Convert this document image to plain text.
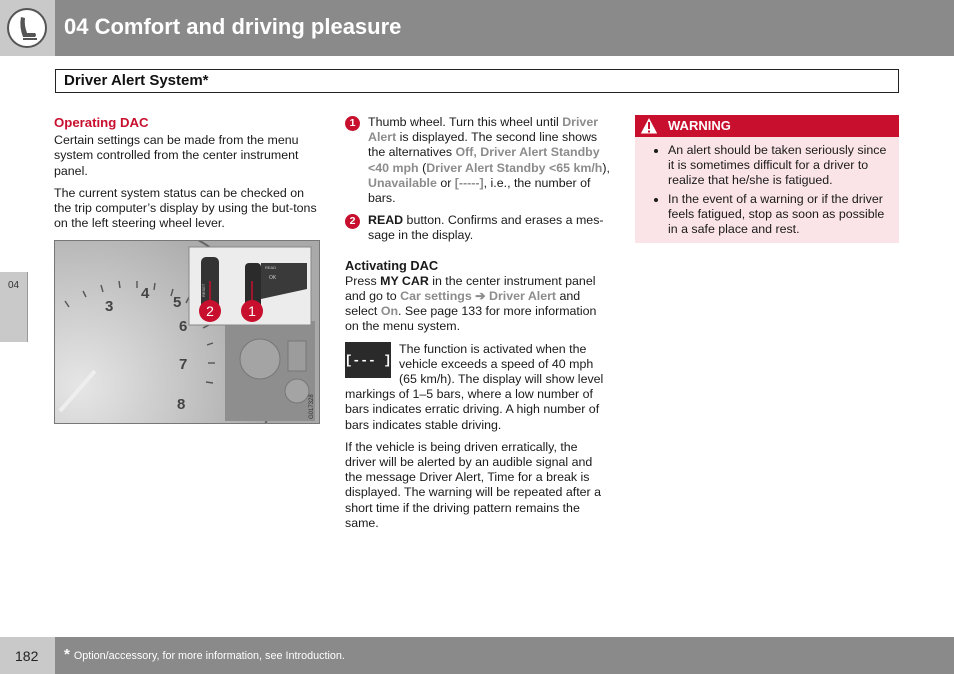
04 Comfort and driving pleasure
Driver Alert System*
04
Operating DAC

Certain settings can be made from the menu system controlled from the center instrument panel.

The current system status can be checked on the trip computer’s display by using the but-tons on the left steering wheel lever.

3
4
5
6
7
8
RESET
OK
READ
2 1
G017328
1	Thumb wheel. Turn this wheel until Driver Alert is displayed. The second line shows the alternatives Off, Driver Alert Standby <40 mph (Driver Alert Standby <65 km/h), Unavailable or [-----], i.e., the number of bars.
2	READ button. Confirms and erases a mes-sage in the display.
Activating DAC

Press MY CAR in the center instrument panel and go to Car settings ➔ Driver Alert and select On. See page 133 for more information on the menu system.

[--- ]

The function is activated when the vehicle exceeds a speed of 40 mph (65 km/h). The display will show level markings of 1–5 bars, where a low number of bars indicates erratic driving. A high number of bars indicates stable driving.

If the vehicle is being driven erratically, the driver will be alerted by an audible signal and the message Driver Alert, Time for a break is displayed. The warning will be repeated after a short time if the driving pattern remains the same.

WARNING
• An alert should be taken seriously since it is sometimes difficult for a driver to realize that he/she is fatigued.
• In the event of a warning or if the driver feels fatigued, stop as soon as possible in a safe place and rest.
182 * Option/accessory, for more information, see Introduction.
